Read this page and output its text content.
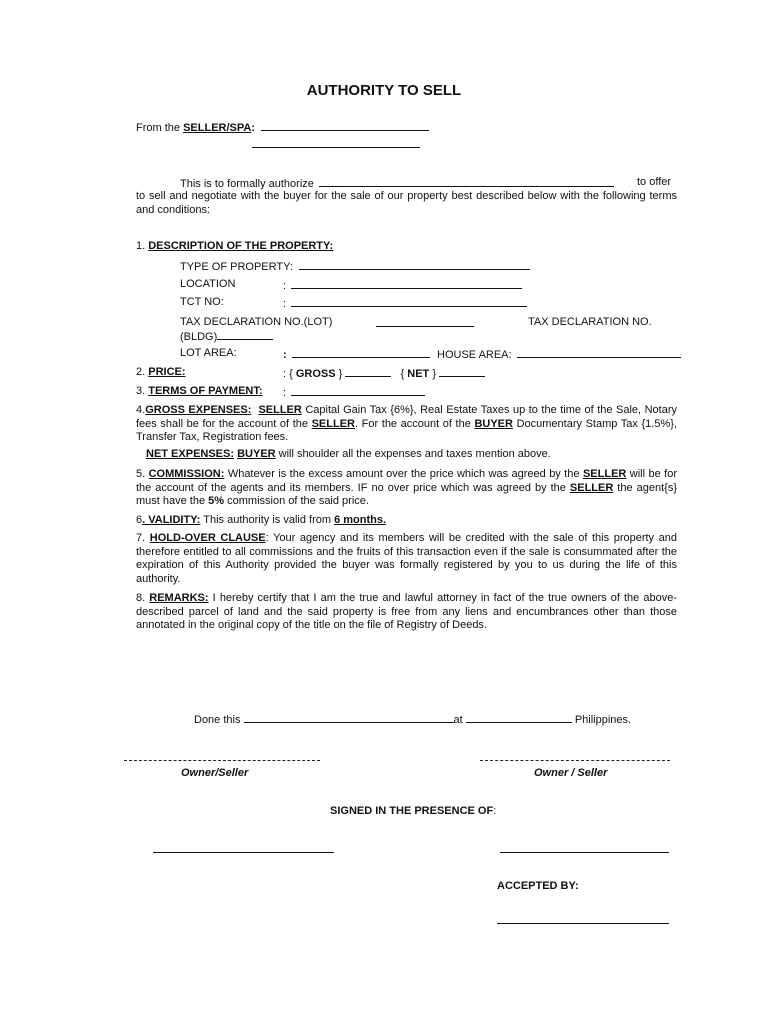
AUTHORITY TO SELL
From the SELLER/SPA:
This is to formally authorize	to offer
to sell and negotiate with the buyer for the sale of our property best described below with the following terms and conditions:
1. DESCRIPTION OF THE PROPERTY:
TYPE OF PROPERTY:
LOCATION	:
TCT NO:	:
TAX DECLARATION NO.(LOT)	TAX DECLARATION NO.
(BLDG)
LOT AREA:	:	HOUSE AREA:
2. PRICE:	: { GROSS }	{ NET }
3. TERMS OF PAYMENT: :
4.GROSS EXPENSES: SELLER Capital Gain Tax {6%}, Real Estate Taxes up to the time of the Sale, Notary fees shall be for the account of the SELLER. For the account of the BUYER Documentary Stamp Tax {1.5%}, Transfer Tax, Registration fees.
NET EXPENSES: BUYER will shoulder all the expenses and taxes mention above.
5. COMMISSION: Whatever is the excess amount over the price which was agreed by the SELLER will be for the account of the agents and its members. IF no over price which was agreed by the SELLER the agent{s} must have the 5% commission of the said price.
6. VALIDITY: This authority is valid from 6 months.
7. HOLD-OVER CLAUSE: Your agency and its members will be credited with the sale of this property and therefore entitled to all commissions and the fruits of this transaction even if the sale is consummated after the expiration of this Authority provided the buyer was formally registered by you to us during the life of this authority.
8. REMARKS: I hereby certify that I am the true and lawful attorney in fact of the true owners of the above-described parcel of land and the said property is free from any liens and encumbrances other than those annotated in the original copy of the title on the file of Registry of Deeds.
Done this	at	Philippines.
Owner/Seller	Owner / Seller
SIGNED IN THE PRESENCE OF:
ACCEPTED BY:
